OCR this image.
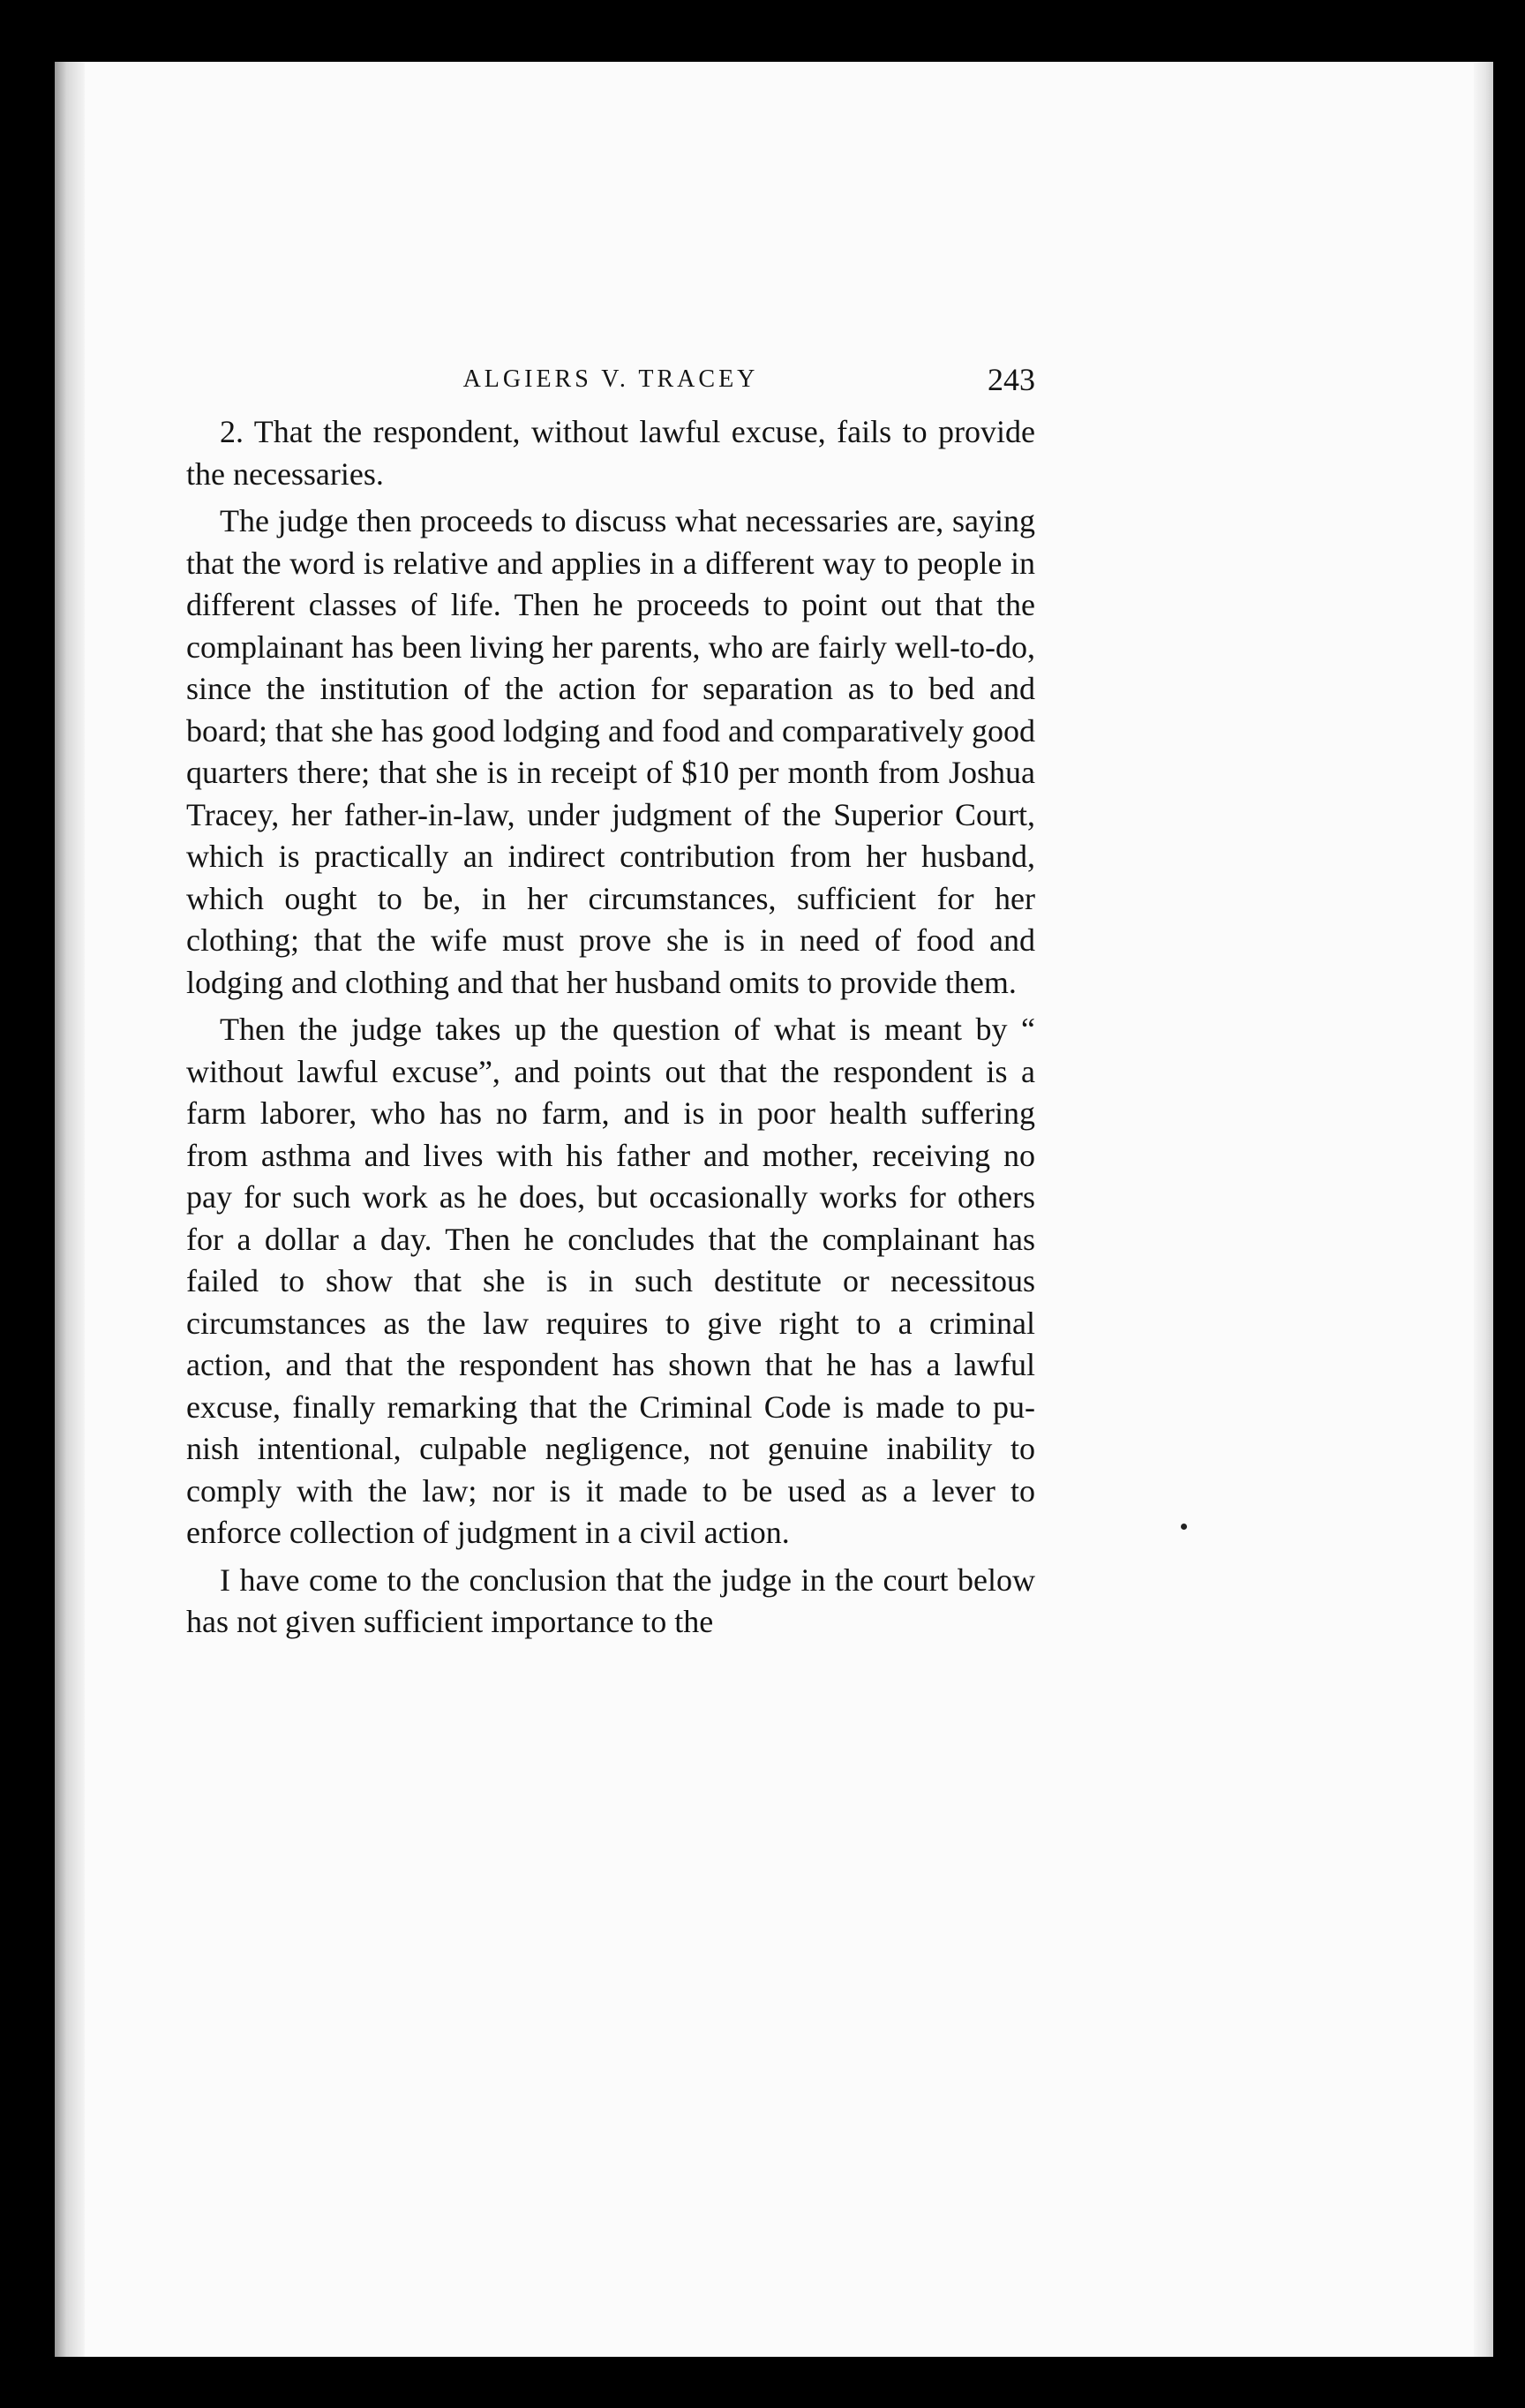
ALGIERS V. TRACEY	243

2. That the respondent, without lawful excuse, fails to provide the necessaries.

The judge then proceeds to discuss what necessaries are, saying that the word is relative and applies in a different way to people in different classes of life. Then he proceeds to point out that the complainant has been living her parents, who are fairly well-to-do, since the institution of the action for separation as to bed and board; that she has good lodging and food and comparatively good quarters there; that she is in receipt of $10 per month from Joshua Tracey, her father-in-law, under judgment of the Superior Court, which is practically an indirect contribution from her husband, which ought to be, in her circumstances, sufficient for her clothing; that the wife must prove she is in need of food and lodging and clothing and that her husband omits to provide them.

Then the judge takes up the question of what is meant by “ without lawful excuse”, and points out that the respondent is a farm laborer, who has no farm, and is in poor health suffering from asthma and lives with his father and mother, receiving no pay for such work as he does, but occasionally works for others for a dollar a day. Then he concludes that the complainant has failed to show that she is in such destitute or necessitous circumstances as the law requires to give right to a criminal action, and that the respondent has shown that he has a lawful excuse, finally remarking that the Criminal Code is made to punish intentional, culpable negligence, not genuine inability to comply with the law; nor is it made to be used as a lever to enforce collection of judgment in a civil action.

I have come to the conclusion that the judge in the court below has not given sufficient importance to the
